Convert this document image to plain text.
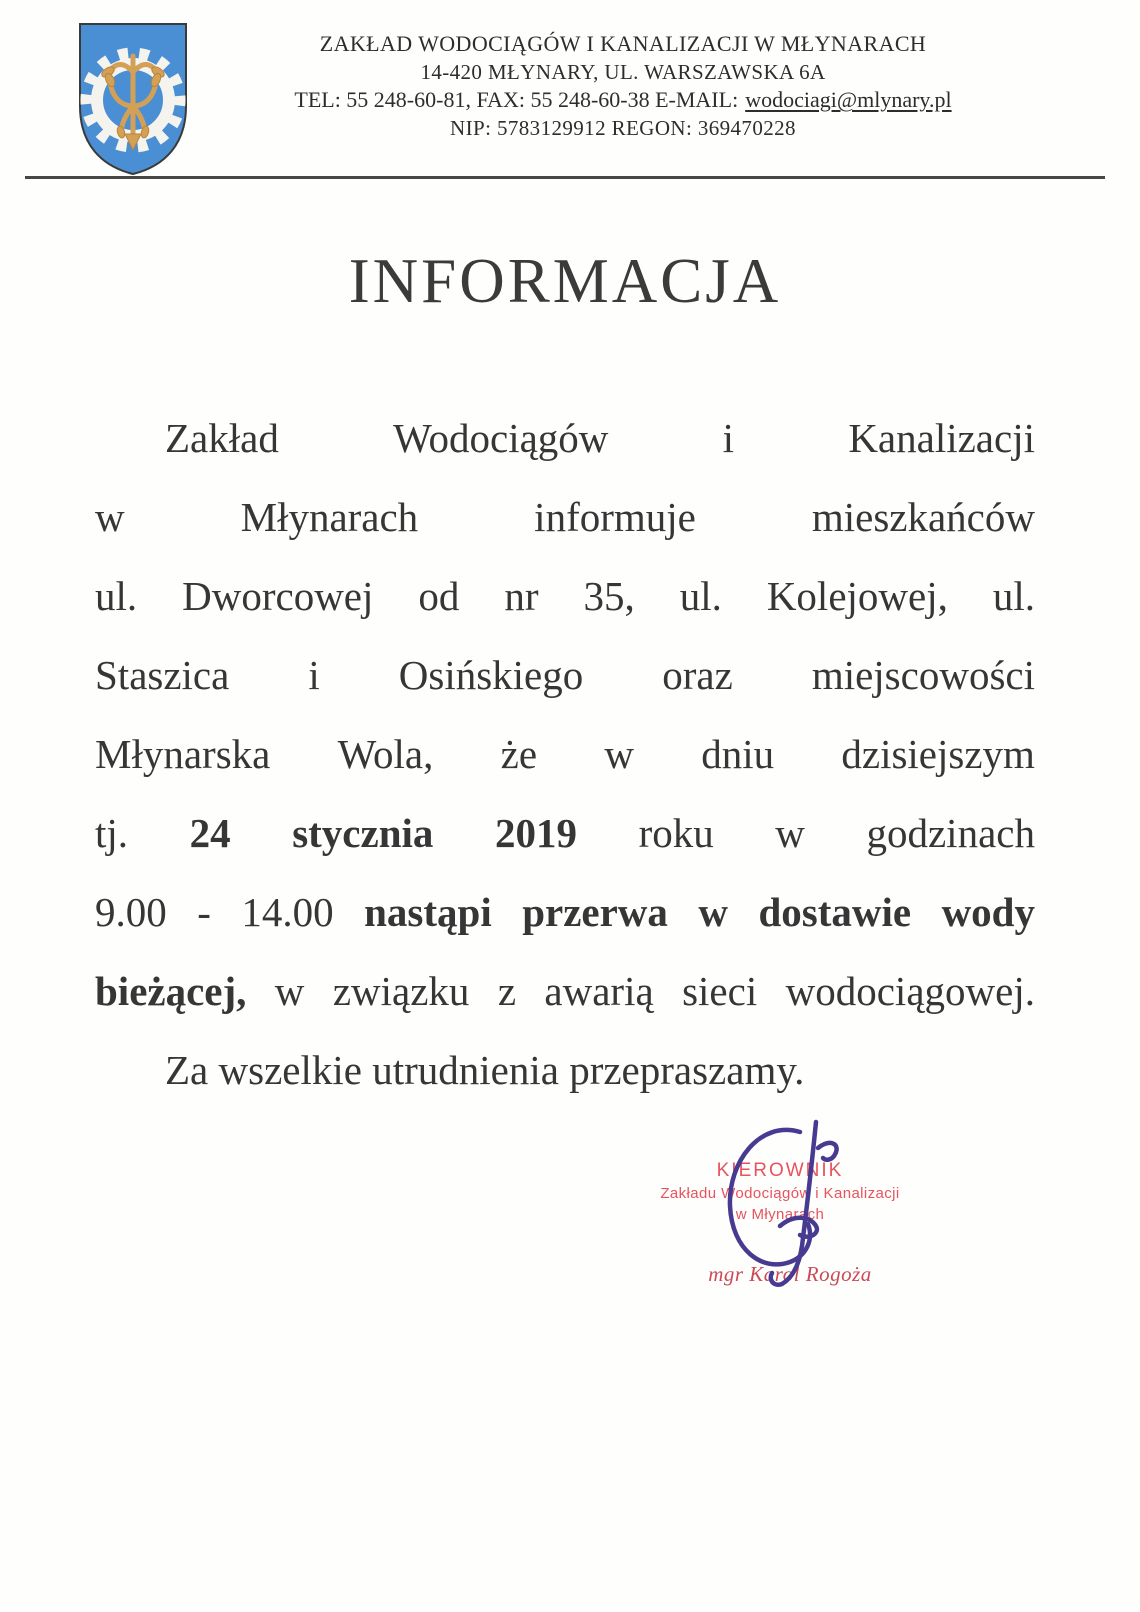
ZAKŁAD WODOCIĄGÓW I KANALIZACJI W MŁYNARACH
14-420 MŁYNARY, UL. WARSZAWSKA 6A
TEL: 55 248-60-81, FAX: 55 248-60-38 E-MAIL: wodociagi@mlynary.pl
NIP: 5783129912 REGON: 369470228
INFORMACJA
Zakład	Wodociągów	i	Kanalizacji
w	Młynarach	informuje	mieszkańców
ul. Dworcowej od nr 35, ul. Kolejowej, ul.
Staszica i Osińskiego oraz miejscowości
Młynarska Wola, że w dniu dzisiejszym
tj. 24 stycznia 2019 roku w godzinach
9.00 - 14.00 nastąpi przerwa w dostawie wody
bieżącej, w związku z awarią sieci wodociągowej.
Za wszelkie utrudnienia przepraszamy.
KIEROWNIK
Zakładu Wodociągów i Kanalizacji
w Młynarach
mgr Karol Rogoża
